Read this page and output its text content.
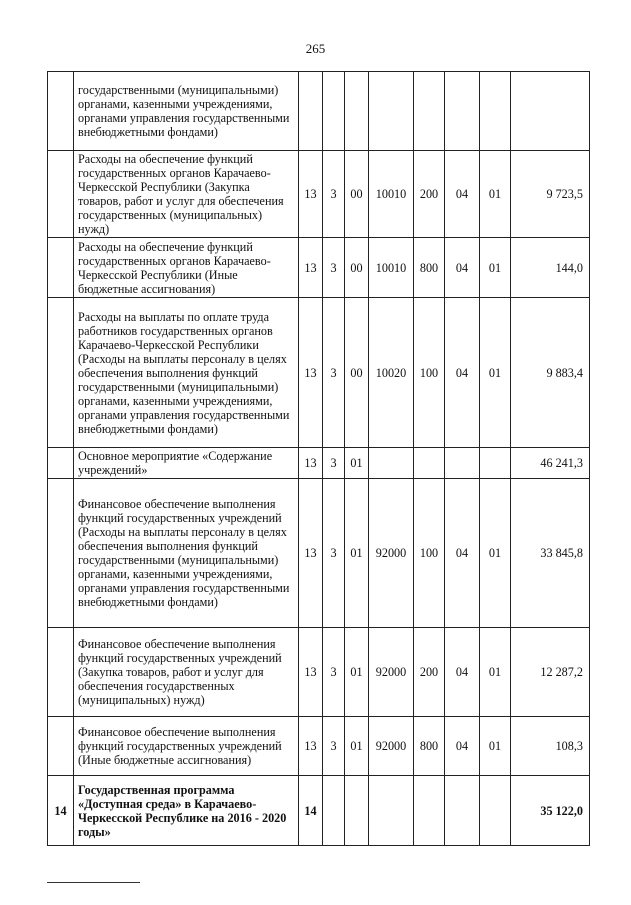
265
	государственными (муниципальными) органами, казенными учреждениями, органами управления государственными внебюджетными фондами)								
	Расходы на обеспечение функций государственных органов Карачаево-Черкесской Республики (Закупка товаров, работ и услуг для обеспечения государственных (муниципальных) нужд)	13	3	00	10010	200	04	01	9 723,5
	Расходы на обеспечение функций государственных органов Карачаево-Черкесской Республики (Иные бюджетные ассигнования)	13	3	00	10010	800	04	01	144,0
	Расходы на выплаты по оплате труда работников государственных органов Карачаево-Черкесской Республики (Расходы на выплаты персоналу в целях обеспечения выполнения функций государственными (муниципальными) органами, казенными учреждениями, органами управления государственными внебюджетными фондами)	13	3	00	10020	100	04	01	9 883,4
	Основное мероприятие «Содержание учреждений»	13	3	01					46 241,3
	Финансовое обеспечение выполнения функций государственных учреждений (Расходы на выплаты персоналу в целях обеспечения выполнения функций государственными (муниципальными) органами, казенными учреждениями, органами управления государственными внебюджетными фондами)	13	3	01	92000	100	04	01	33 845,8
	Финансовое обеспечение выполнения функций государственных учреждений (Закупка товаров, работ и услуг для обеспечения государственных (муниципальных) нужд)	13	3	01	92000	200	04	01	12 287,2
	Финансовое обеспечение выполнения функций государственных учреждений (Иные бюджетные ассигнования)	13	3	01	92000	800	04	01	108,3
14	Государственная программа «Доступная среда» в Карачаево-Черкесской Республике на 2016 - 2020 годы»	14							35 122,0
